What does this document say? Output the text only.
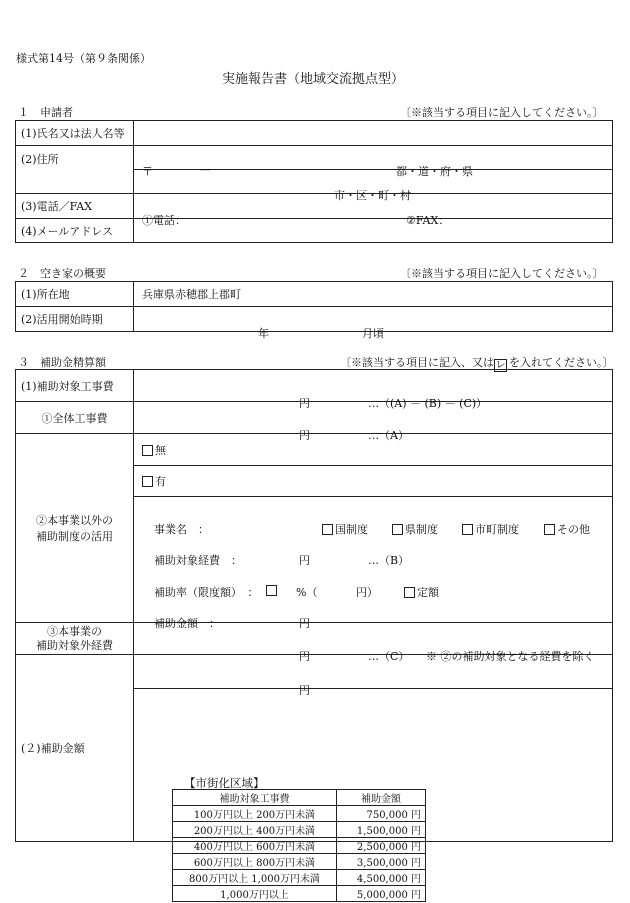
様式第14号（第９条関係）
実施報告書（地域交流拠点型）
１　申請者	〔※該当する項目に記入してください。〕
(1)氏名又は法人名等	
(2)住所	〒 — 都・道・府・県

	市・区・町・村

(3)電話／FAX	①電話： ②FAX：

(4)メールアドレス	
２　空き家の概要	〔※該当する項目に記入してください。〕
(1)所在地	兵庫県赤穂郡上郡町
(2)活用開始時期	年 月頃
３　補助金精算額	〔※該当する項目に記入、又は レ を入れてください。〕
(1)補助対象工事費	
円	…（(A) － (B) － (C)）

①全体工事費	
円	…（A）

②本事業以外の
補助制度の活用
	無
有

事業名　：	国制度	県制度	市町制度	その他

補助対象経費　：	円	…（B）

補助率（限度額）　：	%（	円）	定額

補助金額　：	円

③本事業の
補助対象外経費

円	…（C） ※ ②の補助対象となる経費を除く

(２)補助金額	
円

【市街化区域】
補助対象工事費	補助金額
100万円以上 200万円未満	750,000 円
200万円以上 400万円未満	1,500,000 円
400万円以上 600万円未満	2,500,000 円
600万円以上 800万円未満	3,500,000 円
800万円以上 1,000万円未満	4,500,000 円
1,000万円以上	5,000,000 円
